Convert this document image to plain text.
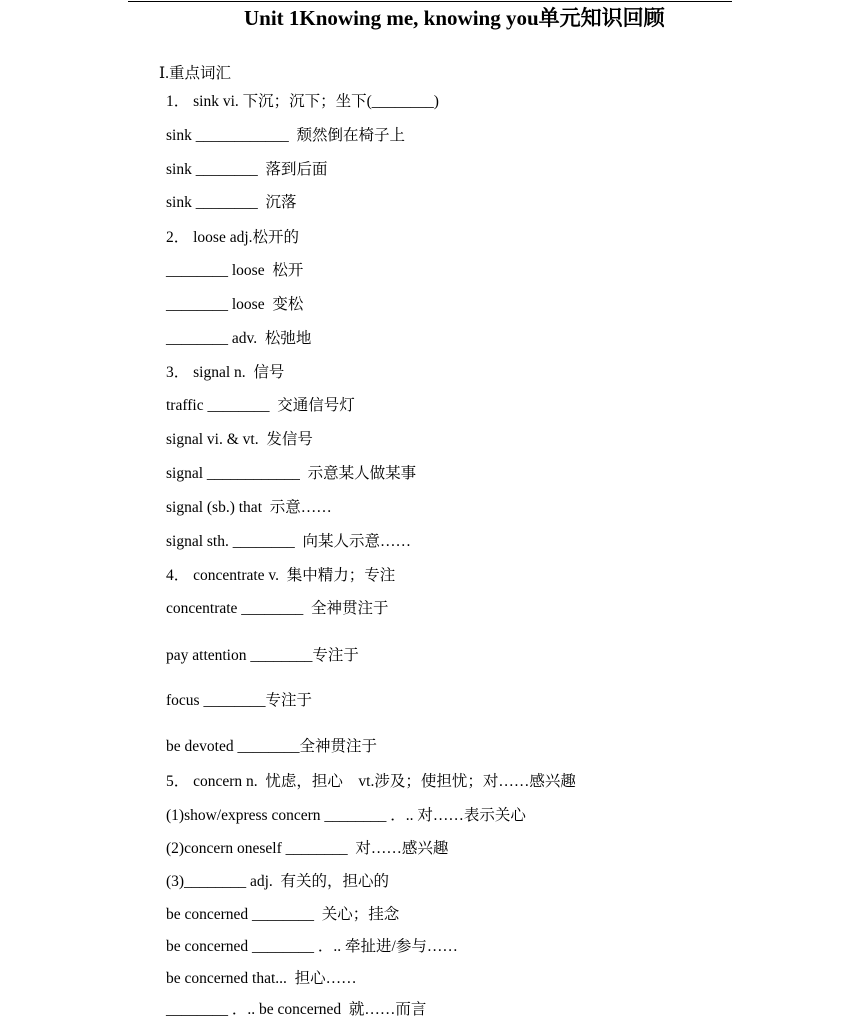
Unit 1Knowing me, knowing you单元知识回顾
Ⅰ.重点词汇
1． sink vi. 下沉；沉下；坐下(________)
sink ____________  颓然倒在椅子上
sink ________  落到后面
sink ________  沉落
2． loose adj.松开的
________ loose  松开
________ loose  变松
________ adv.  松弛地
3． signal n.  信号
traffic ________  交通信号灯
signal vi. & vt.  发信号
signal ____________  示意某人做某事
signal (sb.) that  示意……
signal sth. ________  向某人示意……
4． concentrate v.  集中精力；专注
concentrate ________  全神贯注于
pay attention ________专注于
focus ________专注于
be devoted ________全神贯注于
5． concern n.  忧虑，担心    vt.涉及；使担忧；对……感兴趣
(1)show/express concern ________ ．.. 对……表示关心
(2)concern oneself ________  对……感兴趣
(3)________ adj.  有关的，担心的
be concerned ________  关心；挂念
be concerned ________ ．.. 牵扯进/参与……
be concerned that...  担心……
________ ．.. be concerned  就……而言
